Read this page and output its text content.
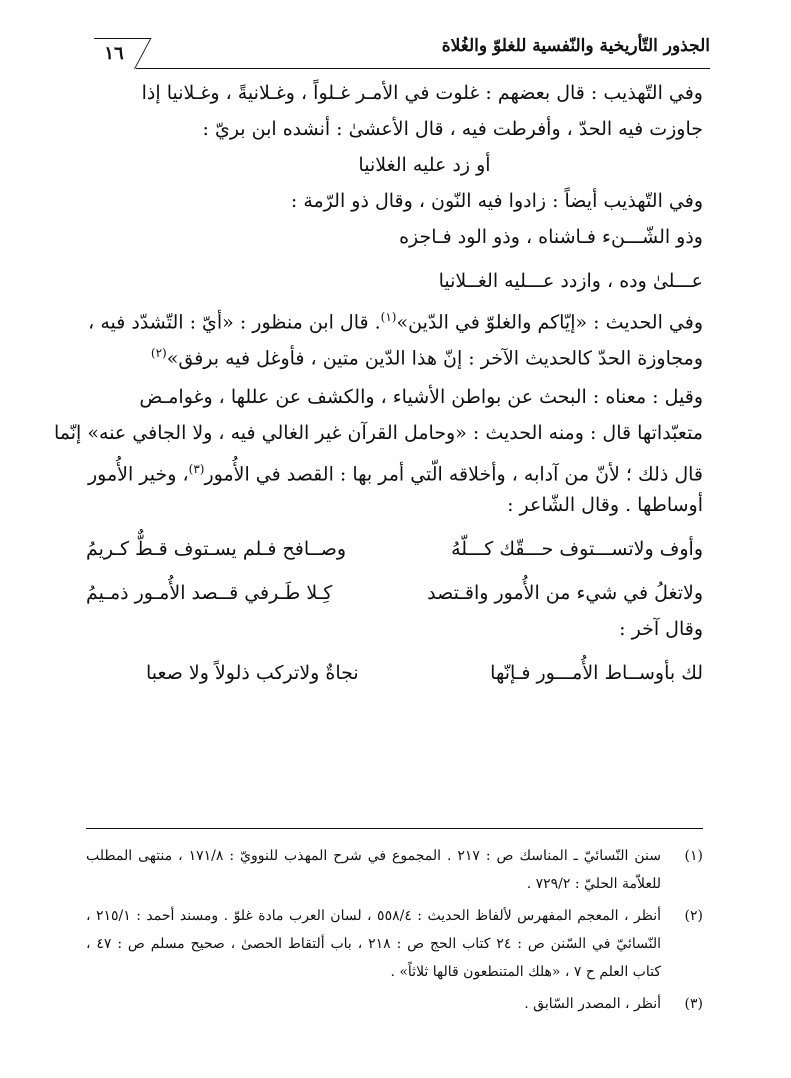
الجذور التّأريخية والنّفسية للغلوّ والغُلاة
١٦
وفي التّهذيب : قال بعضهم : غلوت في الأمـر غـلواً ، وغـلانيةً ، وغـلانيا إذا
جاوزت فيه الحدّ ، وأفرطت فيه ، قال الأعشىٰ : أنشده ابن بريّ :
أو زد عليه الغلانيا
وفي التّهذيب أيضاً : زادوا فيه النّون ، وقال ذو الرّمة :
وذو الشّـــنء فـاشناه ، وذو الود فـاجزه
عـــلىٰ وده ، وازدد عـــليه الغــلانيا
وفي الحديث : «إيّاكم والغلوّ في الدّين»$^{(١)}$. قال ابن منظور : «أيّ : التّشدّد فيه ،
ومجاوزة الحدّ كالحديث الآخر : إنّ هذا الدّين متين ، فأوغل فيه برفق»$^{(٢)}$
وقيل : معناه : البحث عن بواطن الأشياء ، والكشف عن عللها ، وغوامـض
متعبّداتها قال : ومنه الحديث : «وحامل القرآن غير الغالي فيه ، ولا الجافي عنه» إنّما
قال ذلك ؛ لأنّ من آدابه ، وأخلاقه الّتي أمر بها : القصد في الأُمور$^{(٣)}$، وخير الأُمور
أوساطها . وقال الشّاعر :
وأوف ولاتســـتوف حـــقّك كـــلّهُ
وصــافح فـلم يسـتوف قـطٌّ كـريمُ
ولاتغلُ في شيء من الأُمور واقـتصد
كِـلا طَـرفي قــصد الأُمـور ذمـيمُ
وقال آخر :
لك بأوســاط الأُمـــور فـإنّها
نجاةٌ ولاتركب ذلولاً ولا صعبا
(١)
سنن النّسائيّ ـ المناسك ص : ٢١٧ . المجموع في شرح المهذب للنوويّ : ١٧١/٨ ، منتهى المطلب للعلاّمة الحليّ : ٧٢٩/٢ .
(٢)
أنظر ، المعجم المفهرس لألفاظ الحديث : ٥٥٨/٤ ، لسان العرب مادة غلوّ . ومسند أحمد : ٢١٥/١ ، النّسائيّ في السّنن ص : ٢٤ كتاب الحج ص : ٢١٨ ، باب ألتقاط الحصىٰ ، صحيح مسلم ص : ٤٧ ، كتاب العلم ح ٧ ، «هلك المتنطعون قالها ثلاثاً» .
(٣)
أنظر ، المصدر السّابق .
